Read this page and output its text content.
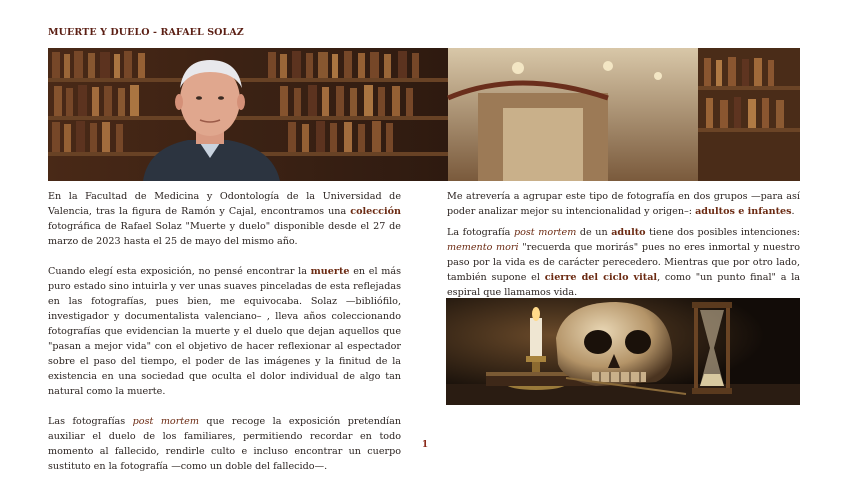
MUERTE Y DUELO - RAFAEL SOLAZ

En la Facultad de Medicina y Odontología de la Universidad de Valencia, tras la figura de Ramón y Cajal, encontramos una colección fotográfica de Rafael Solaz "Muerte y duelo" disponible desde el 27 de marzo de 2023 hasta el 25 de mayo del mismo año.

Cuando elegí esta exposición, no pensé encontrar la muerte en el más puro estado sino intuirla y ver unas suaves pinceladas de esta reflejadas en las fotografías, pues bien, me equivocaba. Solaz —bibliófilo, investigador y documentalista valenciano– , lleva años coleccionando fotografías que evidencian la muerte y el duelo que dejan aquellos que "pasan a mejor vida" con el objetivo de hacer reflexionar al espectador sobre el paso del tiempo, el poder de las imágenes y la finitud de la existencia en una sociedad que oculta el dolor individual de algo tan natural como la muerte.

Las fotografías post mortem que recoge la exposición pretendían auxiliar el duelo de los familiares, permitiendo recordar en todo momento al fallecido, rendirle culto e incluso encontrar un cuerpo sustituto en la fotografía —como un doble del fallecido—.

Me atrevería a agrupar este tipo de fotografía en dos grupos —para así poder analizar mejor su intencionalidad y origen–: adultos e infantes.

La fotografía post mortem de un adulto tiene dos posibles intenciones: memento mori "recuerda que morirás" pues no eres inmortal y nuestro paso por la vida es de carácter perecedero. Mientras que por otro lado, también supone el cierre del ciclo vital, como "un punto final" a la espiral que llamamos vida.

1
